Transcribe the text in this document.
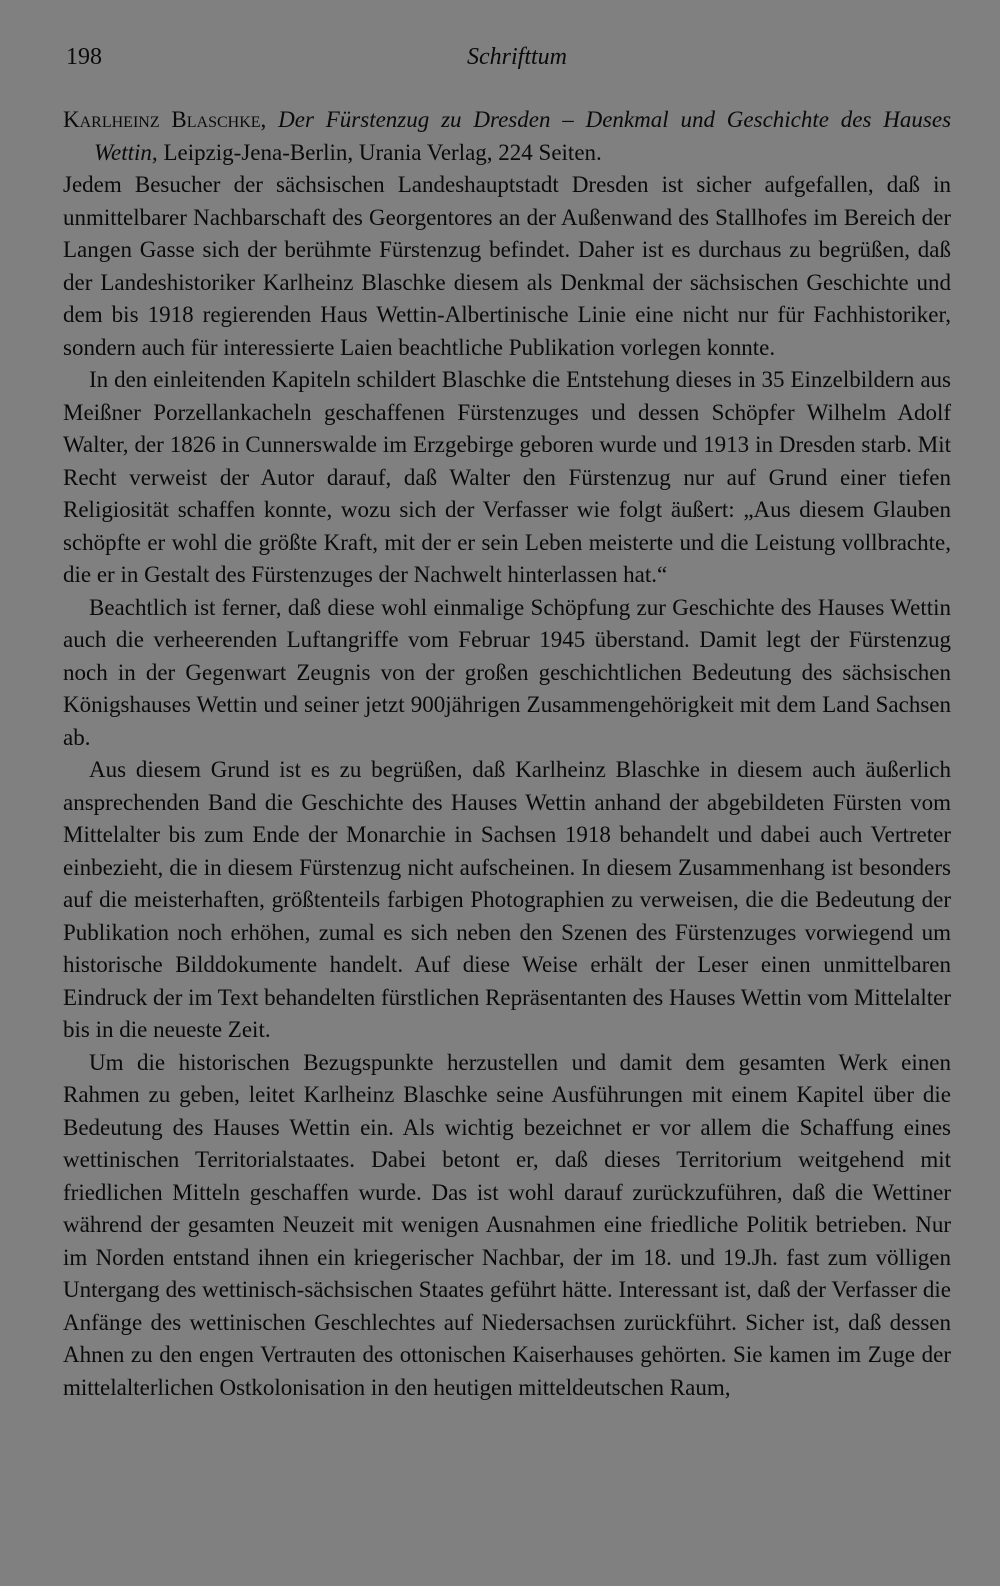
198	Schrifttum

Karlheinz Blaschke, Der Fürstenzug zu Dresden – Denkmal und Geschichte des Hauses Wettin, Leipzig-Jena-Berlin, Urania Verlag, 224 Seiten.

Jedem Besucher der sächsischen Landeshauptstadt Dresden ist sicher aufgefallen, daß in unmittelbarer Nachbarschaft des Georgentores an der Außenwand des Stallhofes im Bereich der Langen Gasse sich der berühmte Fürstenzug befindet. Daher ist es durchaus zu begrüßen, daß der Landeshistoriker Karlheinz Blaschke diesem als Denkmal der sächsischen Geschichte und dem bis 1918 regierenden Haus Wettin-Albertinische Linie eine nicht nur für Fachhistoriker, sondern auch für interessierte Laien beachtliche Publikation vorlegen konnte.

In den einleitenden Kapiteln schildert Blaschke die Entstehung dieses in 35 Einzelbildern aus Meißner Porzellankacheln geschaffenen Fürstenzuges und dessen Schöpfer Wilhelm Adolf Walter, der 1826 in Cunnerswalde im Erzgebirge geboren wurde und 1913 in Dresden starb. Mit Recht verweist der Autor darauf, daß Walter den Fürstenzug nur auf Grund einer tiefen Religiosität schaffen konnte, wozu sich der Verfasser wie folgt äußert: „Aus diesem Glauben schöpfte er wohl die größte Kraft, mit der er sein Leben meisterte und die Leistung vollbrachte, die er in Gestalt des Fürstenzuges der Nachwelt hinterlassen hat.“

Beachtlich ist ferner, daß diese wohl einmalige Schöpfung zur Geschichte des Hauses Wettin auch die verheerenden Luftangriffe vom Februar 1945 überstand. Damit legt der Fürstenzug noch in der Gegenwart Zeugnis von der großen geschichtlichen Bedeutung des sächsischen Königshauses Wettin und seiner jetzt 900jährigen Zusammengehörigkeit mit dem Land Sachsen ab.

Aus diesem Grund ist es zu begrüßen, daß Karlheinz Blaschke in diesem auch äußerlich ansprechenden Band die Geschichte des Hauses Wettin anhand der abgebildeten Fürsten vom Mittelalter bis zum Ende der Monarchie in Sachsen 1918 behandelt und dabei auch Vertreter einbezieht, die in diesem Fürstenzug nicht aufscheinen. In diesem Zusammenhang ist besonders auf die meisterhaften, größtenteils farbigen Photographien zu verweisen, die die Bedeutung der Publikation noch erhöhen, zumal es sich neben den Szenen des Fürstenzuges vorwiegend um historische Bilddokumente handelt. Auf diese Weise erhält der Leser einen unmittelbaren Eindruck der im Text behandelten fürstlichen Repräsentanten des Hauses Wettin vom Mittelalter bis in die neueste Zeit.

Um die historischen Bezugspunkte herzustellen und damit dem gesamten Werk einen Rahmen zu geben, leitet Karlheinz Blaschke seine Ausführungen mit einem Kapitel über die Bedeutung des Hauses Wettin ein. Als wichtig bezeichnet er vor allem die Schaffung eines wettinischen Territorialstaates. Dabei betont er, daß dieses Territorium weitgehend mit friedlichen Mitteln geschaffen wurde. Das ist wohl darauf zurückzuführen, daß die Wettiner während der gesamten Neuzeit mit wenigen Ausnahmen eine friedliche Politik betrieben. Nur im Norden entstand ihnen ein kriegerischer Nachbar, der im 18. und 19.Jh. fast zum völligen Untergang des wettinisch-sächsischen Staates geführt hätte. Interessant ist, daß der Verfasser die Anfänge des wettinischen Geschlechtes auf Niedersachsen zurückführt. Sicher ist, daß dessen Ahnen zu den engen Vertrauten des ottonischen Kaiserhauses gehörten. Sie kamen im Zuge der mittelalterlichen Ostkolonisation in den heutigen mitteldeutschen Raum,
